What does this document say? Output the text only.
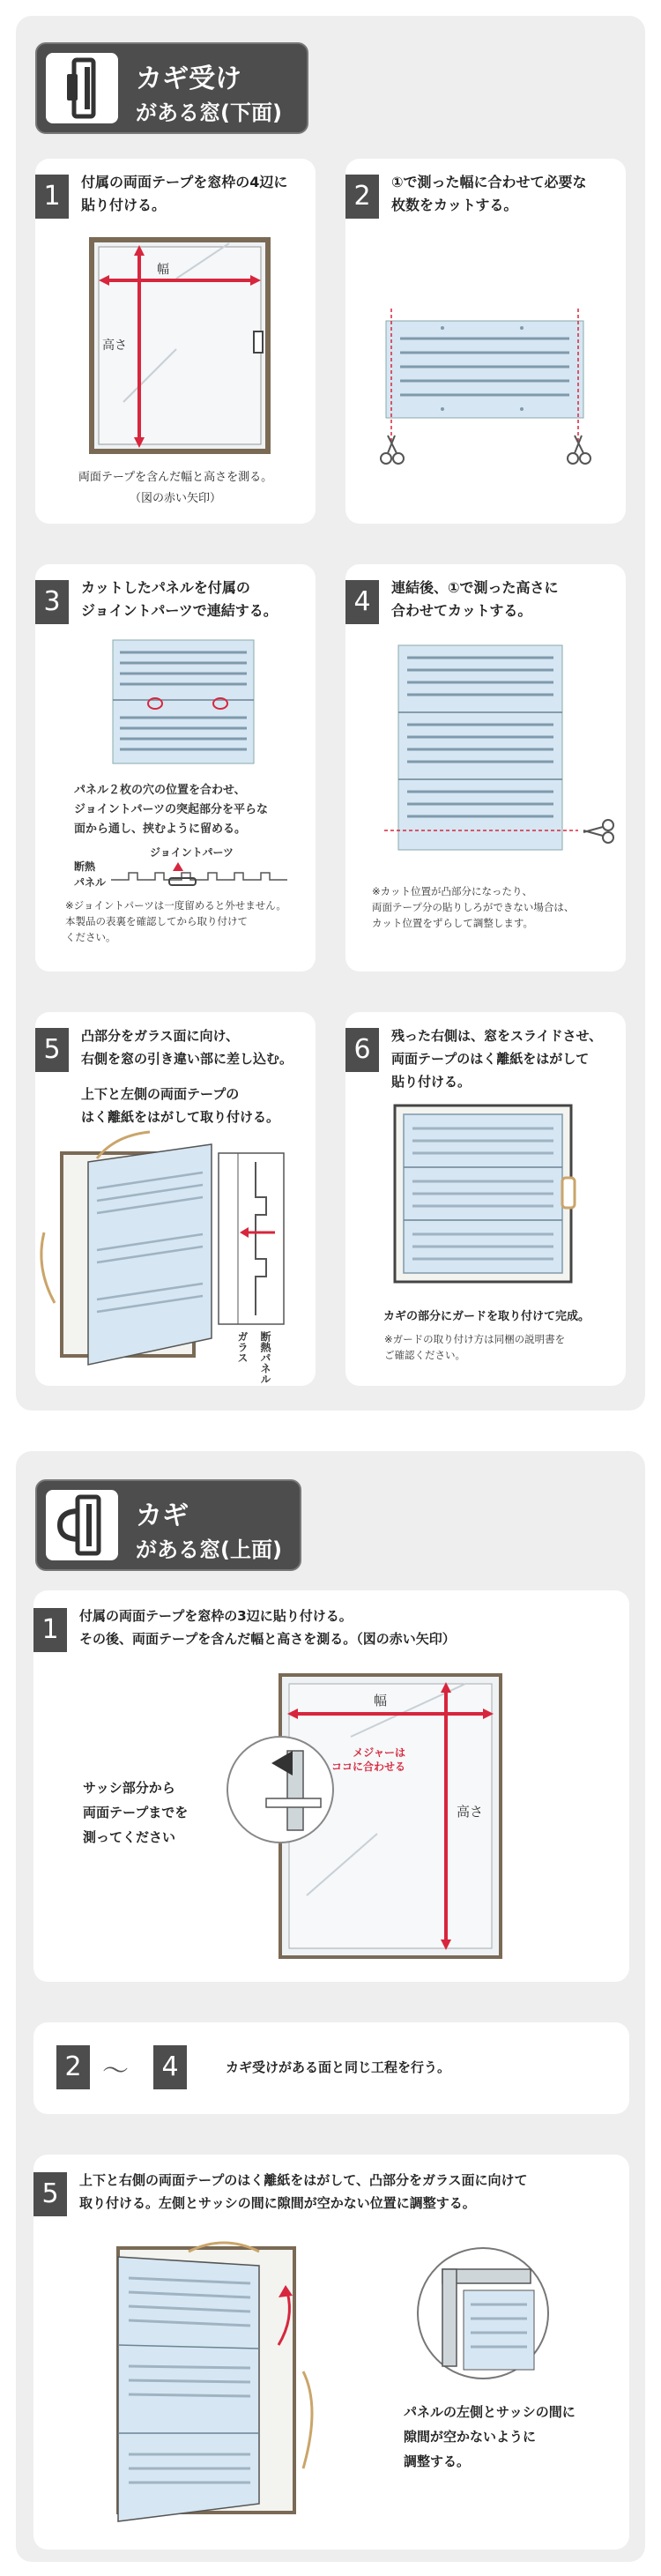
カギ受け
がある窓(下面)
1	付属の両面テープを窓枠の4辺に
貼り付ける。
幅
高さ
両面テープを含んだ幅と高さを測る。
（図の赤い矢印）
2	①で測った幅に合わせて必要な
枚数をカットする。
3	カットしたパネルを付属の
ジョイントパーツで連結する。
パネル２枚の穴の位置を合わせ、
ジョイントパーツの突起部分を平らな
面から通し、挟むように留める。
ジョイントパーツ
断熱
パネル
※ジョイントパーツは一度留めると外せません。
本製品の表裏を確認してから取り付けて
ください。
4	連結後、①で測った高さに
合わせてカットする。
※カット位置が凸部分になったり、
両面テープ分の貼りしろができない場合は、
カット位置をずらして調整します。
5	凸部分をガラス面に向け、
右側を窓の引き違い部に差し込む。
上下と左側の両面テープの
はく離紙をはがして取り付ける。
ガラス 断熱パネル
6	残った右側は、窓をスライドさせ、
両面テープのはく離紙をはがして
貼り付ける。
カギの部分にガードを取り付けて完成。
※ガードの取り付け方は同梱の説明書を
ご確認ください。
カギ
がある窓(上面)
1	付属の両面テープを窓枠の3辺に貼り付ける。
その後、両面テープを含んだ幅と高さを測る。（図の赤い矢印）
サッシ部分から
両面テープまでを
測ってください
幅
高さ
メジャーは
ココに合わせる
2 〜	4	カギ受けがある面と同じ工程を行う。
5	上下と右側の両面テープのはく離紙をはがして、凸部分をガラス面に向けて
取り付ける。左側とサッシの間に隙間が空かない位置に調整する。
パネルの左側とサッシの間に
隙間が空かないように
調整する。
